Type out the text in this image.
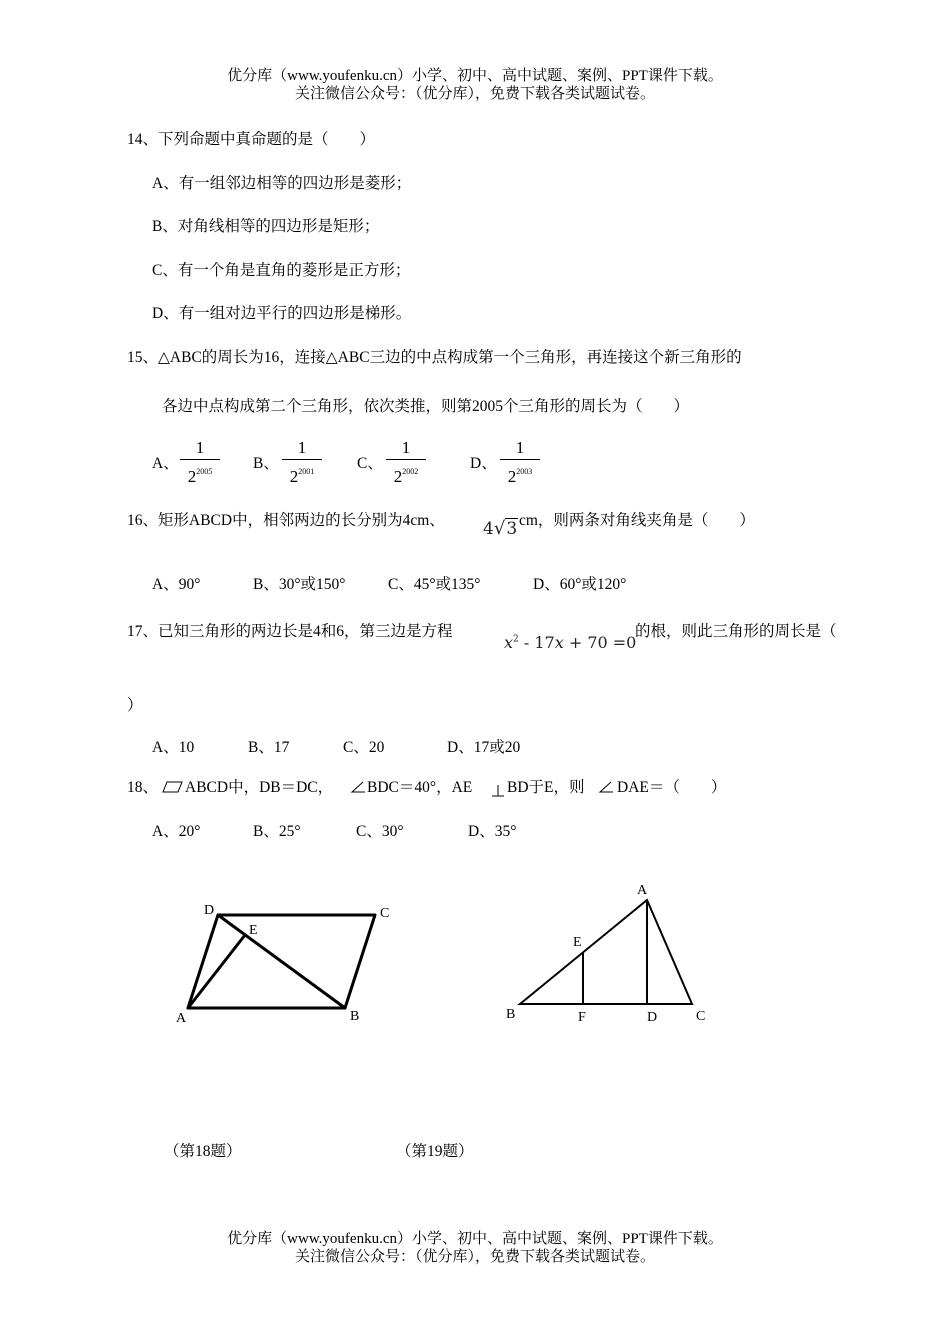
优分库（www.youfenku.cn）小学、初中、高中试题、案例、PPT课件下载。
关注微信公众号：（优分库），免费下载各类试题试卷。
14、下列命题中真命题的是（　　）
A、有一组邻边相等的四边形是菱形；
B、对角线相等的四边形是矩形；
C、有一个角是直角的菱形是正方形；
D、有一组对边平行的四边形是梯形。
15、△ABC的周长为16，连接△ABC三边的中点构成第一个三角形，再连接这个新三角形的
各边中点构成第二个三角形，依次类推，则第2005个三角形的周长为（　　）
A、
1
$2^{2005}$	B、
1
$2^{2001}$	C、
1
$2^{2002}$	D、
1
$2^{2003}$
16、矩形ABCD中，相邻两边的长分别为4cm、 4√3 cm，则两条对角线夹角是（　　）
A、90°	B、30°或150°	C、45°或135°	D、60°或120°
17、已知三角形的两边长是4和6，第三边是方程
$x^2 - 17x + 70 =0$
的根，则此三角形的周长是（
）
A、10	B、17	C、20	D、17或20
18、 ABCD中，DB＝DC， BDC＝40°，AE BD于E，则 DAE＝（　　）
A、20°	B、25°	C、30°	D、35°
D	C
E
A	B
A
E
B	F	D	C
（第18题）	（第19题）
优分库（www.youfenku.cn）小学、初中、高中试题、案例、PPT课件下载。
关注微信公众号：（优分库），免费下载各类试题试卷。
